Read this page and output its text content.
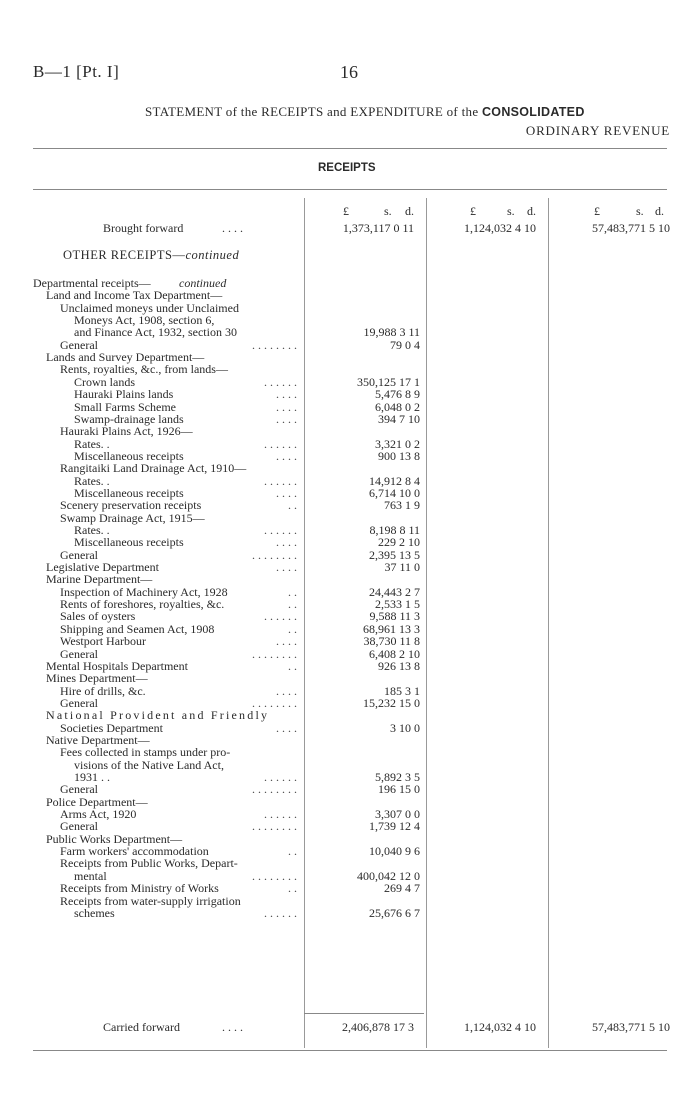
B—1 [Pt. I]	16
STATEMENT of the RECEIPTS and EXPENDITURE of the CONSOLIDATED
ORDINARY REVENUE
RECEIPTS
£	s. d.	£	s. d.	£	s. d.
Brought forward	. . . .	1,373,117 0 11	1,124,032 4 10	57,483,771 5 10
OTHER RECEIPTS—continued
Departmental receipts— continued
Land and Income Tax Department—
Unclaimed moneys under Unclaimed
Moneys Act, 1908, section 6,
and Finance Act, 1932, section 30	19,988 3 11
General	. . . . . . . .	79 0 4
Lands and Survey Department—
Rents, royalties, &c., from lands—
Crown lands	. . . . . .	350,125 17 1
Hauraki Plains lands	. . . .	5,476 8 9
Small Farms Scheme	. . . .	6,048 0 2
Swamp-drainage lands	. . . .	394 7 10
Hauraki Plains Act, 1926—
Rates. .	. . . . . .	3,321 0 2
Miscellaneous receipts	. . . .	900 13 8
Rangitaiki Land Drainage Act, 1910—
Rates. .	. . . . . .	14,912 8 4
Miscellaneous receipts	. . . .	6,714 10 0
Scenery preservation receipts	. .	763 1 9
Swamp Drainage Act, 1915—
Rates. .	. . . . . .	8,198 8 11
Miscellaneous receipts	. . . .	229 2 10
General	. . . . . . . .	2,395 13 5
Legislative Department	. . . .	37 11 0
Marine Department—
Inspection of Machinery Act, 1928	. .	24,443 2 7
Rents of foreshores, royalties, &c.	. .	2,533 1 5
Sales of oysters	. . . . . .	9,588 11 3
Shipping and Seamen Act, 1908	. .	68,961 13 3
Westport Harbour	. . . .	38,730 11 8
General	. . . . . . . .	6,408 2 10
Mental Hospitals Department	. .	926 13 8
Mines Department—
Hire of drills, &c.	. . . .	185 3 1
General	. . . . . . . .	15,232 15 0
National Provident and Friendly
Societies Department	. . . .	3 10 0
Native Department—
Fees collected in stamps under pro-
visions of the Native Land Act,
1931 . .	. . . . . .	5,892 3 5
General	. . . . . . . .	196 15 0
Police Department—
Arms Act, 1920	. . . . . .	3,307 0 0
General	. . . . . . . .	1,739 12 4
Public Works Department—
Farm workers' accommodation	. .	10,040 9 6
Receipts from Public Works, Depart-
mental	. . . . . . . .	400,042 12 0
Receipts from Ministry of Works	. .	269 4 7
Receipts from water-supply irrigation
schemes	. . . . . .	25,676 6 7
Carried forward	. . . .	2,406,878 17 3	1,124,032 4 10	57,483,771 5 10
